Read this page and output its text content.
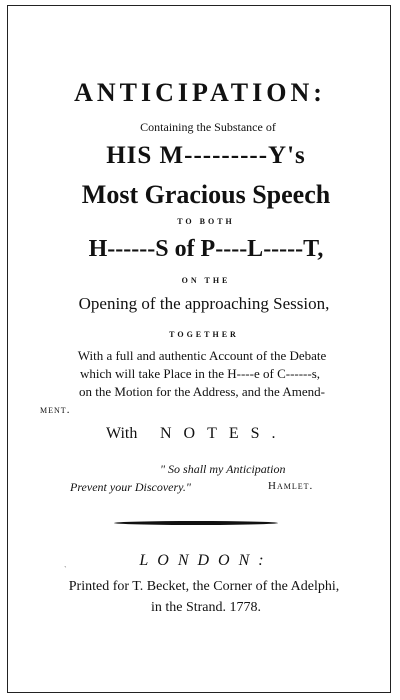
ANTICIPATION:
Containing the Substance of
HIS M---------Y's
Most Gracious Speech
TO BOTH
H------S of P----L-----T,
ON THE
Opening of the approaching Session,
TOGETHER
With a full and authentic Account of the Debate
which will take Place in the H----e of C------s,
on the Motion for the Address, and the Amend-
ment.
With NOTES.
" So shall my Anticipation
Prevent your Discovery."	Hamlet.
LONDON:
ˋ
Printed for T. Becket, the Corner of the Adelphi,
in the Strand. 1778.
